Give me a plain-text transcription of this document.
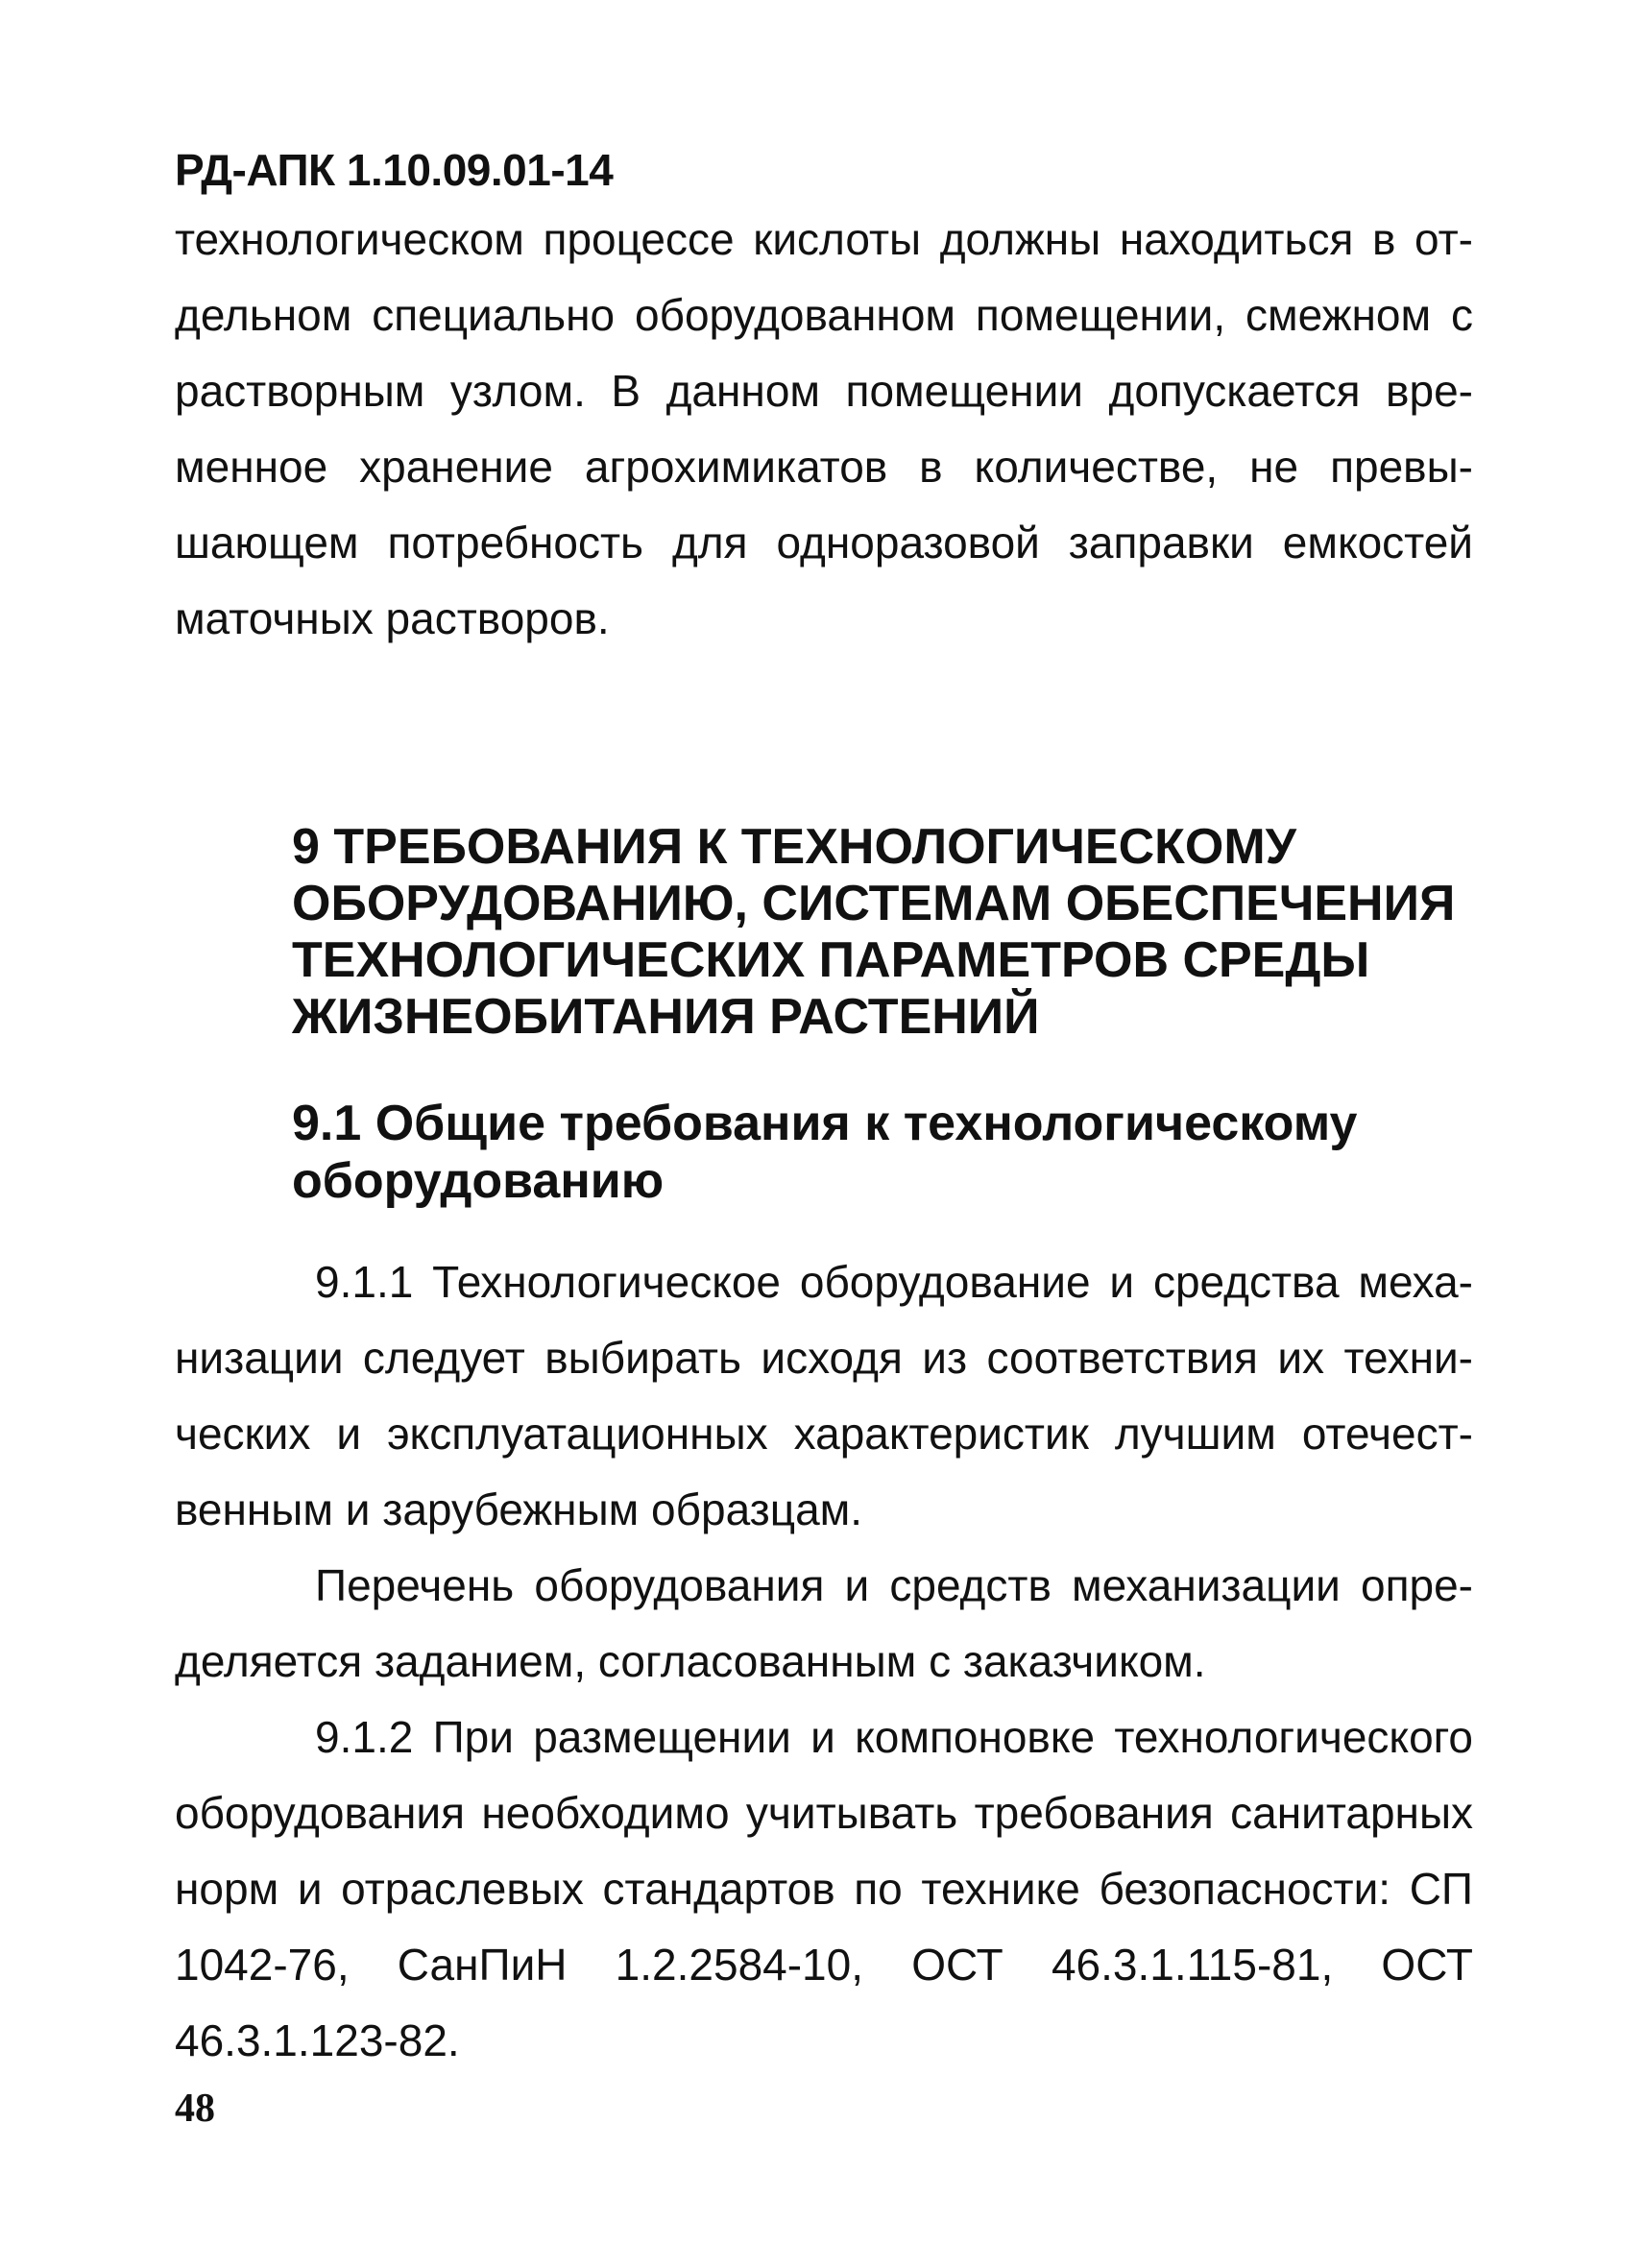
РД-АПК 1.10.09.01-14

технологическом процессе кислоты должны находиться в отдельном специально оборудованном помещении, смежном с растворным узлом. В данном помещении допускается временное хранение агрохимикатов в количестве, не превышающем потребность для одноразовой заправки емкостей маточных растворов.

9 ТРЕБОВАНИЯ К ТЕХНОЛОГИЧЕСКОМУ ОБОРУДОВАНИЮ, СИСТЕМАМ ОБЕСПЕЧЕНИЯ ТЕХНОЛОГИЧЕСКИХ ПАРАМЕТРОВ СРЕДЫ ЖИЗНЕОБИТАНИЯ РАСТЕНИЙ
9.1 Общие требования к технологическому оборудованию

9.1.1 Технологическое оборудование и средства механизации следует выбирать исходя из соответствия их технических и эксплуатационных характеристик лучшим отечественным и зарубежным образцам.

Перечень оборудования и средств механизации определяется заданием, согласованным с заказчиком.

9.1.2 При размещении и компоновке технологического оборудования необходимо учитывать требования санитарных норм и отраслевых стандартов по технике безопасности: СП 1042-76, СанПиН 1.2.2584-10, ОСТ 46.3.1.115-81, ОСТ 46.3.1.123-82.

48
